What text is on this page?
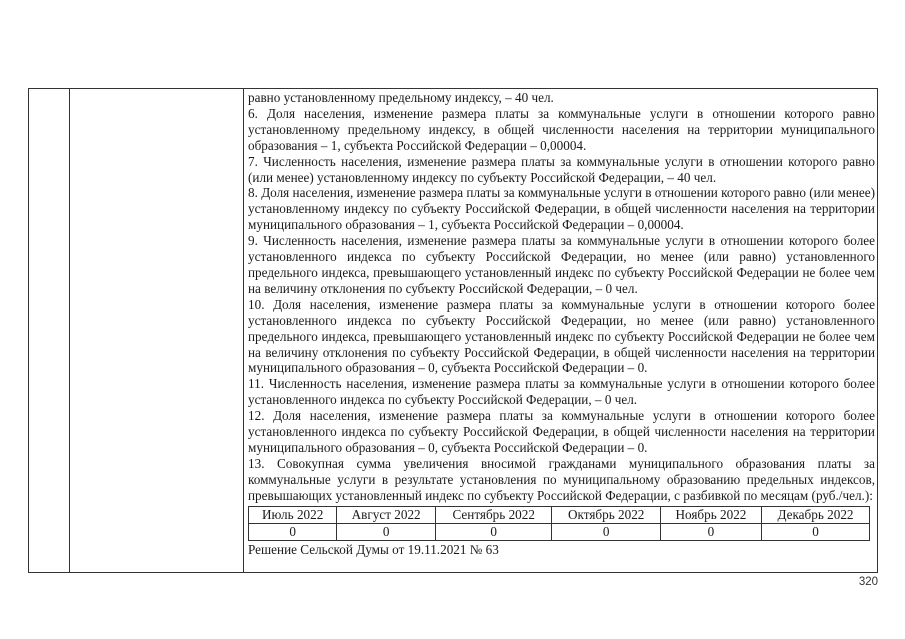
равно установленному предельному индексу, – 40 чел.

6. Доля населения, изменение размера платы за коммунальные услуги в отношении которого равно установленному предельному индексу, в общей численности населения на территории муниципального образования – 1, субъекта Российской Федерации – 0,00004.

7. Численность населения, изменение размера платы за коммунальные услуги в отношении которого равно (или менее) установленному индексу по субъекту Российской Федерации, – 40 чел.

8. Доля населения, изменение размера платы за коммунальные услуги в отношении которого равно (или менее) установленному индексу по субъекту Российской Федерации, в общей численности населения на территории муниципального образования – 1, субъекта Российской Федерации – 0,00004.

9. Численность населения, изменение размера платы за коммунальные услуги в отношении которого более установленного индекса по субъекту Российской Федерации, но менее (или равно) установленного предельного индекса, превышающего установленный индекс по субъекту Российской Федерации не более чем на величину отклонения по субъекту Российской Федерации, – 0 чел.

10. Доля населения, изменение размера платы за коммунальные услуги в отношении которого более установленного индекса по субъекту Российской Федерации, но менее (или равно) установленного предельного индекса, превышающего установленный индекс по субъекту Российской Федерации не более чем на величину отклонения по субъекту Российской Федерации, в общей численности населения на территории муниципального образования – 0, субъекта Российской Федерации – 0.

11. Численность населения, изменение размера платы за коммунальные услуги в отношении которого более установленного индекса по субъекту Российской Федерации, – 0 чел.

12. Доля населения, изменение размера платы за коммунальные услуги в отношении которого более установленного индекса по субъекту Российской Федерации, в общей численности населения на территории муниципального образования – 0, субъекта Российской Федерации – 0.

13. Совокупная сумма увеличения вносимой гражданами муниципального образования платы за коммунальные услуги в результате установления по муниципальному образованию предельных индексов, превышающих установленный индекс по субъекту Российской Федерации, с разбивкой по месяцам (руб./чел.):

Июль 2022	Август 2022	Сентябрь 2022	Октябрь 2022	Ноябрь 2022	Декабрь 2022
0	0	0	0	0	0

Решение Сельской Думы от 19.11.2021 № 63

320
